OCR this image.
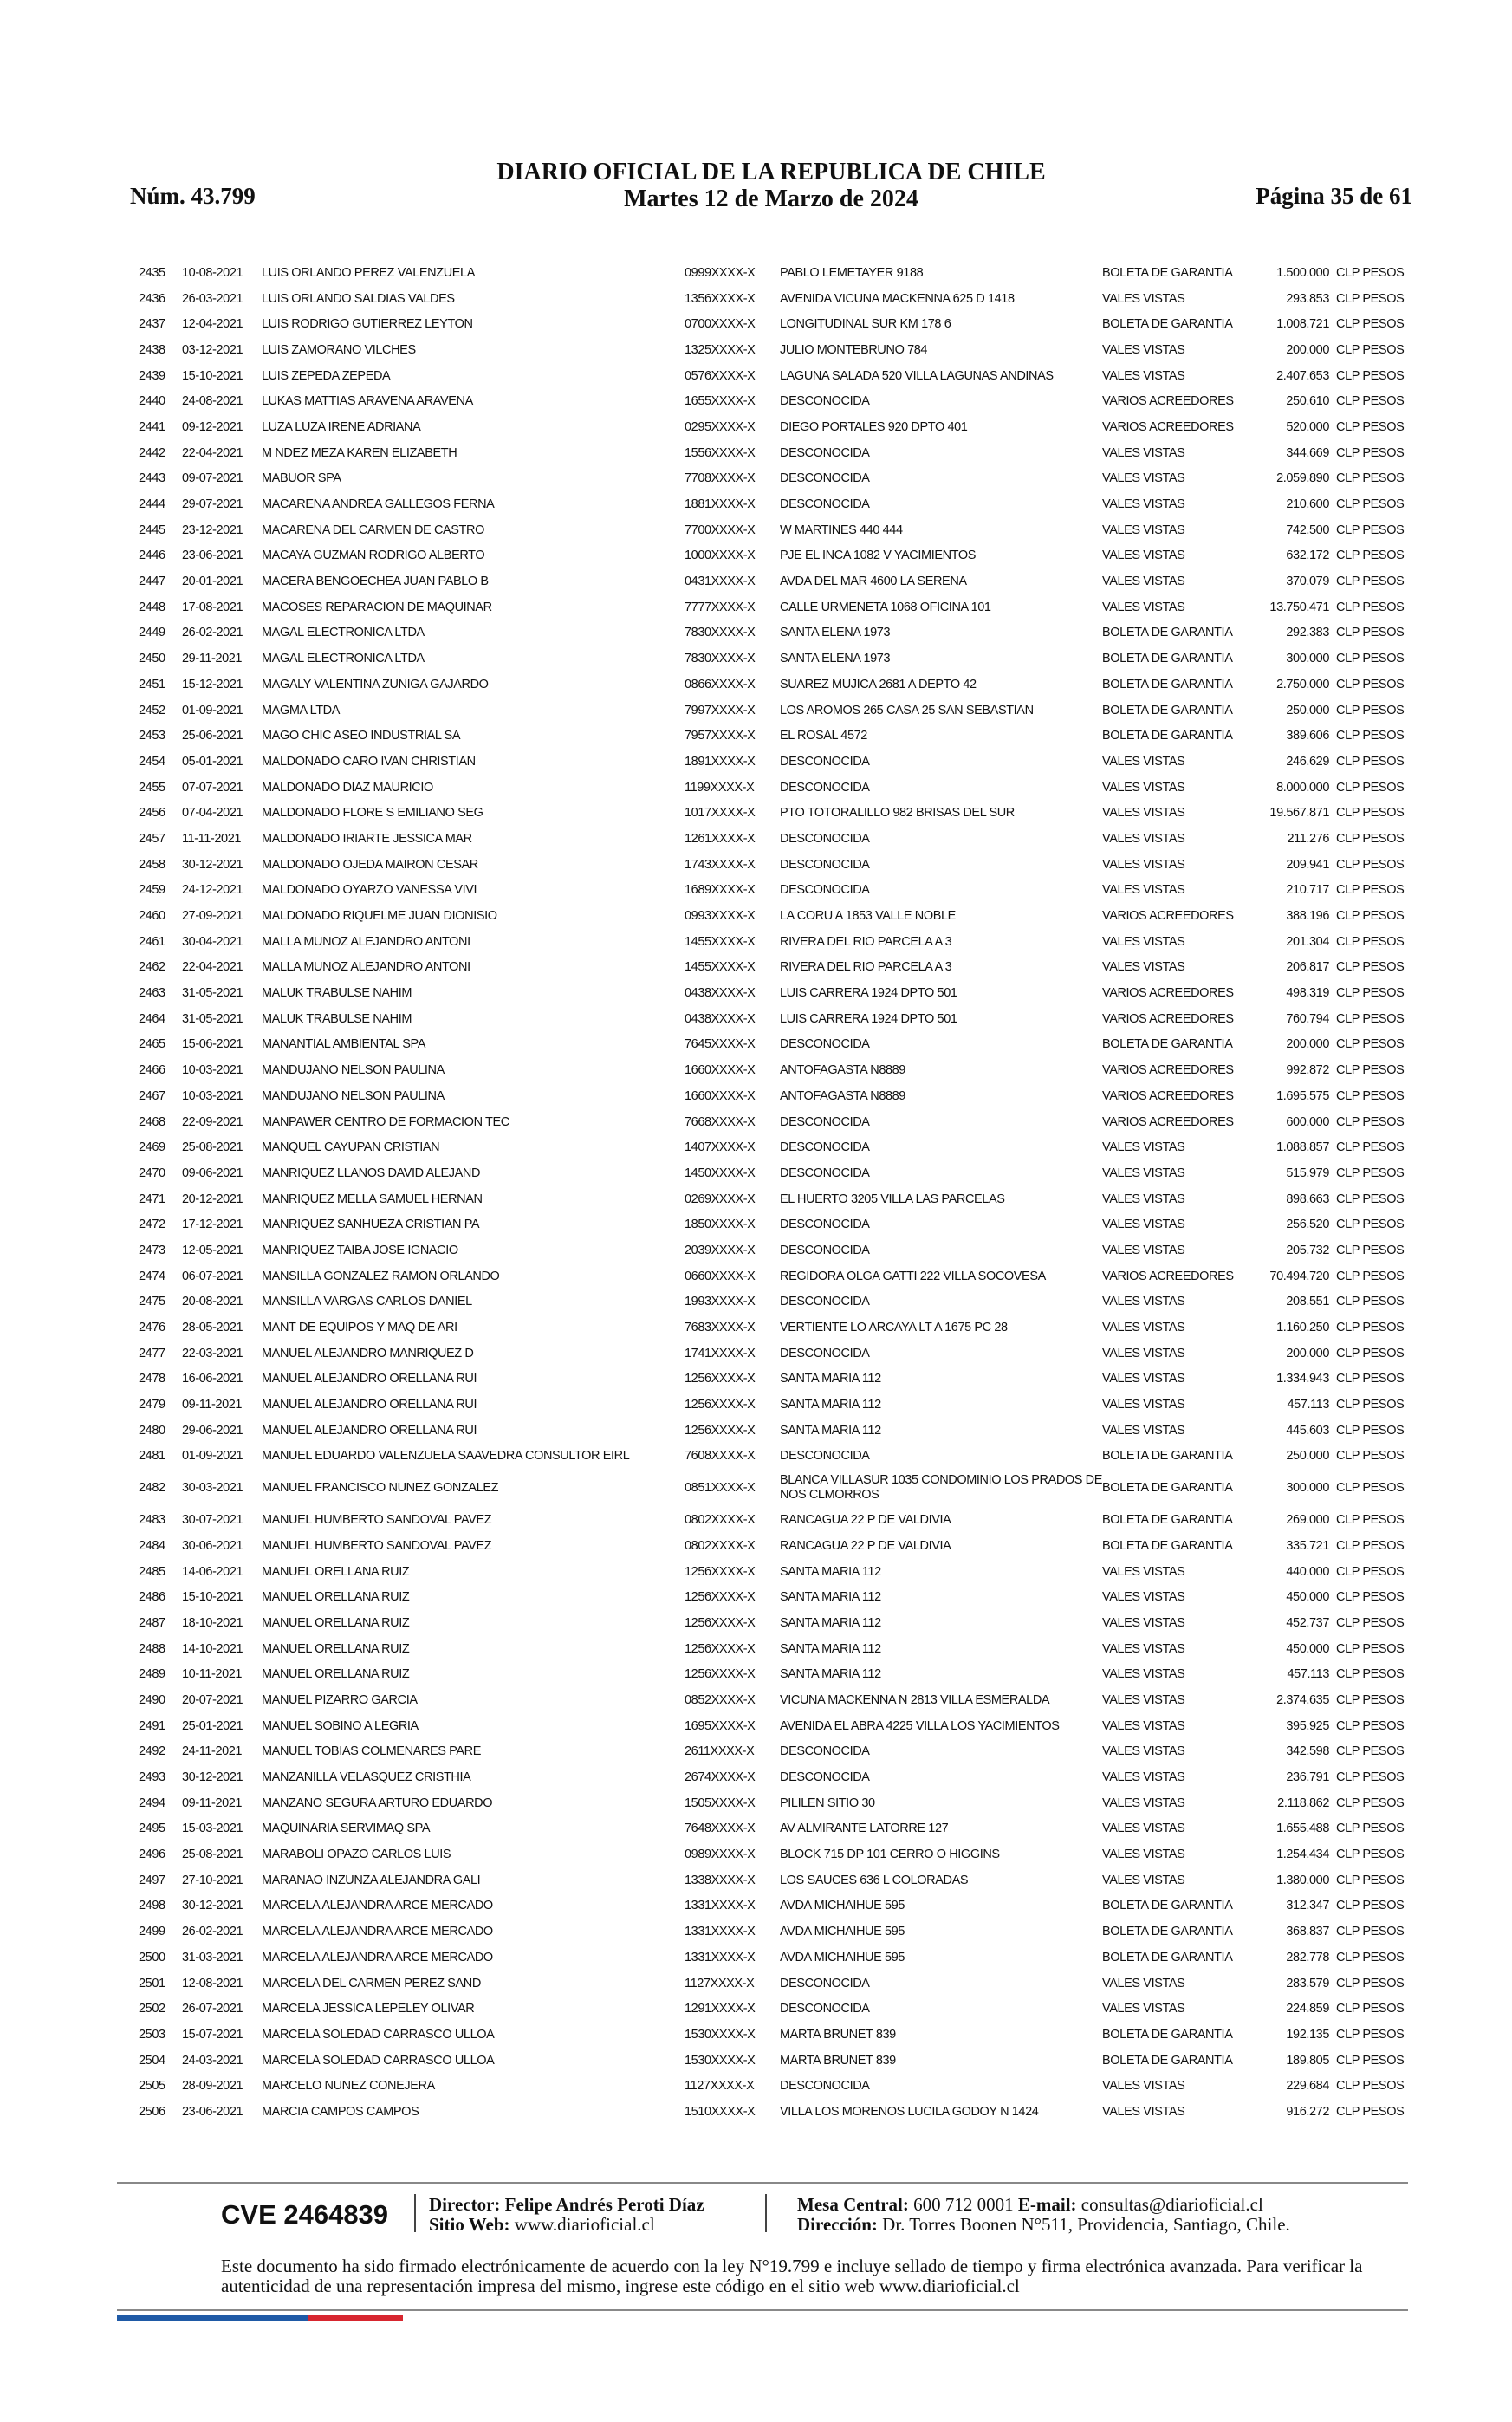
Núm. 43.799
DIARIO OFICIAL DE LA REPUBLICA DE CHILE
Martes 12 de Marzo de 2024	Página 35 de 61
2435	10-08-2021	LUIS ORLANDO PEREZ VALENZUELA	0999XXXX-X	PABLO LEMETAYER 9188	BOLETA DE GARANTIA	1.500.000	CLP PESOS
2436	26-03-2021	LUIS ORLANDO SALDIAS VALDES	1356XXXX-X	AVENIDA VICUNA MACKENNA 625 D 1418	VALES VISTAS	293.853	CLP PESOS
2437	12-04-2021	LUIS RODRIGO GUTIERREZ LEYTON	0700XXXX-X	LONGITUDINAL SUR KM 178 6	BOLETA DE GARANTIA	1.008.721	CLP PESOS
2438	03-12-2021	LUIS ZAMORANO VILCHES	1325XXXX-X	JULIO MONTEBRUNO 784	VALES VISTAS	200.000	CLP PESOS
2439	15-10-2021	LUIS ZEPEDA ZEPEDA	0576XXXX-X	LAGUNA SALADA 520 VILLA LAGUNAS ANDINAS	VALES VISTAS	2.407.653	CLP PESOS
2440	24-08-2021	LUKAS MATTIAS ARAVENA ARAVENA	1655XXXX-X	DESCONOCIDA	VARIOS ACREEDORES	250.610	CLP PESOS
2441	09-12-2021	LUZA LUZA IRENE ADRIANA	0295XXXX-X	DIEGO PORTALES 920 DPTO 401	VARIOS ACREEDORES	520.000	CLP PESOS
2442	22-04-2021	M NDEZ MEZA KAREN ELIZABETH	1556XXXX-X	DESCONOCIDA	VALES VISTAS	344.669	CLP PESOS
2443	09-07-2021	MABUOR SPA	7708XXXX-X	DESCONOCIDA	VALES VISTAS	2.059.890	CLP PESOS
2444	29-07-2021	MACARENA ANDREA GALLEGOS FERNA	1881XXXX-X	DESCONOCIDA	VALES VISTAS	210.600	CLP PESOS
2445	23-12-2021	MACARENA DEL CARMEN DE CASTRO	7700XXXX-X	W MARTINES 440 444	VALES VISTAS	742.500	CLP PESOS
2446	23-06-2021	MACAYA GUZMAN RODRIGO ALBERTO	1000XXXX-X	PJE EL INCA 1082 V YACIMIENTOS	VALES VISTAS	632.172	CLP PESOS
2447	20-01-2021	MACERA BENGOECHEA JUAN PABLO B	0431XXXX-X	AVDA DEL MAR 4600 LA SERENA	VALES VISTAS	370.079	CLP PESOS
2448	17-08-2021	MACOSES REPARACION DE MAQUINAR	7777XXXX-X	CALLE URMENETA 1068 OFICINA 101	VALES VISTAS	13.750.471	CLP PESOS
2449	26-02-2021	MAGAL ELECTRONICA LTDA	7830XXXX-X	SANTA ELENA 1973	BOLETA DE GARANTIA	292.383	CLP PESOS
2450	29-11-2021	MAGAL ELECTRONICA LTDA	7830XXXX-X	SANTA ELENA 1973	BOLETA DE GARANTIA	300.000	CLP PESOS
2451	15-12-2021	MAGALY VALENTINA ZUNIGA GAJARDO	0866XXXX-X	SUAREZ MUJICA 2681 A DEPTO 42	BOLETA DE GARANTIA	2.750.000	CLP PESOS
2452	01-09-2021	MAGMA LTDA	7997XXXX-X	LOS AROMOS 265 CASA 25 SAN SEBASTIAN	BOLETA DE GARANTIA	250.000	CLP PESOS
2453	25-06-2021	MAGO CHIC ASEO INDUSTRIAL SA	7957XXXX-X	EL ROSAL 4572	BOLETA DE GARANTIA	389.606	CLP PESOS
2454	05-01-2021	MALDONADO CARO IVAN CHRISTIAN	1891XXXX-X	DESCONOCIDA	VALES VISTAS	246.629	CLP PESOS
2455	07-07-2021	MALDONADO DIAZ MAURICIO	1199XXXX-X	DESCONOCIDA	VALES VISTAS	8.000.000	CLP PESOS
2456	07-04-2021	MALDONADO FLORE S EMILIANO SEG	1017XXXX-X	PTO TOTORALILLO 982 BRISAS DEL SUR	VALES VISTAS	19.567.871	CLP PESOS
2457	11-11-2021	MALDONADO IRIARTE JESSICA MAR	1261XXXX-X	DESCONOCIDA	VALES VISTAS	211.276	CLP PESOS
2458	30-12-2021	MALDONADO OJEDA MAIRON CESAR	1743XXXX-X	DESCONOCIDA	VALES VISTAS	209.941	CLP PESOS
2459	24-12-2021	MALDONADO OYARZO VANESSA VIVI	1689XXXX-X	DESCONOCIDA	VALES VISTAS	210.717	CLP PESOS
2460	27-09-2021	MALDONADO RIQUELME JUAN DIONISIO	0993XXXX-X	LA CORU A 1853 VALLE NOBLE	VARIOS ACREEDORES	388.196	CLP PESOS
2461	30-04-2021	MALLA MUNOZ ALEJANDRO ANTONI	1455XXXX-X	RIVERA DEL RIO PARCELA A 3	VALES VISTAS	201.304	CLP PESOS
2462	22-04-2021	MALLA MUNOZ ALEJANDRO ANTONI	1455XXXX-X	RIVERA DEL RIO PARCELA A 3	VALES VISTAS	206.817	CLP PESOS
2463	31-05-2021	MALUK TRABULSE NAHIM	0438XXXX-X	LUIS CARRERA 1924 DPTO 501	VARIOS ACREEDORES	498.319	CLP PESOS
2464	31-05-2021	MALUK TRABULSE NAHIM	0438XXXX-X	LUIS CARRERA 1924 DPTO 501	VARIOS ACREEDORES	760.794	CLP PESOS
2465	15-06-2021	MANANTIAL AMBIENTAL SPA	7645XXXX-X	DESCONOCIDA	BOLETA DE GARANTIA	200.000	CLP PESOS
2466	10-03-2021	MANDUJANO NELSON PAULINA	1660XXXX-X	ANTOFAGASTA N8889	VARIOS ACREEDORES	992.872	CLP PESOS
2467	10-03-2021	MANDUJANO NELSON PAULINA	1660XXXX-X	ANTOFAGASTA N8889	VARIOS ACREEDORES	1.695.575	CLP PESOS
2468	22-09-2021	MANPAWER CENTRO DE FORMACION TEC	7668XXXX-X	DESCONOCIDA	VARIOS ACREEDORES	600.000	CLP PESOS
2469	25-08-2021	MANQUEL CAYUPAN CRISTIAN	1407XXXX-X	DESCONOCIDA	VALES VISTAS	1.088.857	CLP PESOS
2470	09-06-2021	MANRIQUEZ LLANOS DAVID ALEJAND	1450XXXX-X	DESCONOCIDA	VALES VISTAS	515.979	CLP PESOS
2471	20-12-2021	MANRIQUEZ MELLA SAMUEL HERNAN	0269XXXX-X	EL HUERTO 3205 VILLA LAS PARCELAS	VALES VISTAS	898.663	CLP PESOS
2472	17-12-2021	MANRIQUEZ SANHUEZA CRISTIAN PA	1850XXXX-X	DESCONOCIDA	VALES VISTAS	256.520	CLP PESOS
2473	12-05-2021	MANRIQUEZ TAIBA JOSE IGNACIO	2039XXXX-X	DESCONOCIDA	VALES VISTAS	205.732	CLP PESOS
2474	06-07-2021	MANSILLA GONZALEZ RAMON ORLANDO	0660XXXX-X	REGIDORA OLGA GATTI 222 VILLA SOCOVESA	VARIOS ACREEDORES	70.494.720	CLP PESOS
2475	20-08-2021	MANSILLA VARGAS CARLOS DANIEL	1993XXXX-X	DESCONOCIDA	VALES VISTAS	208.551	CLP PESOS
2476	28-05-2021	MANT DE EQUIPOS Y MAQ DE ARI	7683XXXX-X	VERTIENTE LO ARCAYA LT A 1675 PC 28	VALES VISTAS	1.160.250	CLP PESOS
2477	22-03-2021	MANUEL ALEJANDRO MANRIQUEZ D	1741XXXX-X	DESCONOCIDA	VALES VISTAS	200.000	CLP PESOS
2478	16-06-2021	MANUEL ALEJANDRO ORELLANA RUI	1256XXXX-X	SANTA MARIA 112	VALES VISTAS	1.334.943	CLP PESOS
2479	09-11-2021	MANUEL ALEJANDRO ORELLANA RUI	1256XXXX-X	SANTA MARIA 112	VALES VISTAS	457.113	CLP PESOS
2480	29-06-2021	MANUEL ALEJANDRO ORELLANA RUI	1256XXXX-X	SANTA MARIA 112	VALES VISTAS	445.603	CLP PESOS
2481	01-09-2021	MANUEL EDUARDO VALENZUELA SAAVEDRA CONSULTOR EIRL	7608XXXX-X	DESCONOCIDA	BOLETA DE GARANTIA	250.000	CLP PESOS
2482	30-03-2021	MANUEL FRANCISCO NUNEZ GONZALEZ	0851XXXX-X	BLANCA VILLASUR 1035 CONDOMINIO LOS PRADOS DE NOS CLMORROS	BOLETA DE GARANTIA	300.000	CLP PESOS
2483	30-07-2021	MANUEL HUMBERTO SANDOVAL PAVEZ	0802XXXX-X	RANCAGUA 22 P DE VALDIVIA	BOLETA DE GARANTIA	269.000	CLP PESOS
2484	30-06-2021	MANUEL HUMBERTO SANDOVAL PAVEZ	0802XXXX-X	RANCAGUA 22 P DE VALDIVIA	BOLETA DE GARANTIA	335.721	CLP PESOS
2485	14-06-2021	MANUEL ORELLANA RUIZ	1256XXXX-X	SANTA MARIA 112	VALES VISTAS	440.000	CLP PESOS
2486	15-10-2021	MANUEL ORELLANA RUIZ	1256XXXX-X	SANTA MARIA 112	VALES VISTAS	450.000	CLP PESOS
2487	18-10-2021	MANUEL ORELLANA RUIZ	1256XXXX-X	SANTA MARIA 112	VALES VISTAS	452.737	CLP PESOS
2488	14-10-2021	MANUEL ORELLANA RUIZ	1256XXXX-X	SANTA MARIA 112	VALES VISTAS	450.000	CLP PESOS
2489	10-11-2021	MANUEL ORELLANA RUIZ	1256XXXX-X	SANTA MARIA 112	VALES VISTAS	457.113	CLP PESOS
2490	20-07-2021	MANUEL PIZARRO GARCIA	0852XXXX-X	VICUNA MACKENNA N 2813 VILLA ESMERALDA	VALES VISTAS	2.374.635	CLP PESOS
2491	25-01-2021	MANUEL SOBINO A LEGRIA	1695XXXX-X	AVENIDA EL ABRA 4225 VILLA LOS YACIMIENTOS	VALES VISTAS	395.925	CLP PESOS
2492	24-11-2021	MANUEL TOBIAS COLMENARES PARE	2611XXXX-X	DESCONOCIDA	VALES VISTAS	342.598	CLP PESOS
2493	30-12-2021	MANZANILLA VELASQUEZ CRISTHIA	2674XXXX-X	DESCONOCIDA	VALES VISTAS	236.791	CLP PESOS
2494	09-11-2021	MANZANO SEGURA ARTURO EDUARDO	1505XXXX-X	PILILEN SITIO 30	VALES VISTAS	2.118.862	CLP PESOS
2495	15-03-2021	MAQUINARIA SERVIMAQ SPA	7648XXXX-X	AV ALMIRANTE LATORRE 127	VALES VISTAS	1.655.488	CLP PESOS
2496	25-08-2021	MARABOLI OPAZO CARLOS LUIS	0989XXXX-X	BLOCK 715 DP 101 CERRO O HIGGINS	VALES VISTAS	1.254.434	CLP PESOS
2497	27-10-2021	MARANAO INZUNZA ALEJANDRA GALI	1338XXXX-X	LOS SAUCES 636 L COLORADAS	VALES VISTAS	1.380.000	CLP PESOS
2498	30-12-2021	MARCELA ALEJANDRA ARCE MERCADO	1331XXXX-X	AVDA MICHAIHUE 595	BOLETA DE GARANTIA	312.347	CLP PESOS
2499	26-02-2021	MARCELA ALEJANDRA ARCE MERCADO	1331XXXX-X	AVDA MICHAIHUE 595	BOLETA DE GARANTIA	368.837	CLP PESOS
2500	31-03-2021	MARCELA ALEJANDRA ARCE MERCADO	1331XXXX-X	AVDA MICHAIHUE 595	BOLETA DE GARANTIA	282.778	CLP PESOS
2501	12-08-2021	MARCELA DEL CARMEN PEREZ SAND	1127XXXX-X	DESCONOCIDA	VALES VISTAS	283.579	CLP PESOS
2502	26-07-2021	MARCELA JESSICA LEPELEY OLIVAR	1291XXXX-X	DESCONOCIDA	VALES VISTAS	224.859	CLP PESOS
2503	15-07-2021	MARCELA SOLEDAD CARRASCO ULLOA	1530XXXX-X	MARTA BRUNET 839	BOLETA DE GARANTIA	192.135	CLP PESOS
2504	24-03-2021	MARCELA SOLEDAD CARRASCO ULLOA	1530XXXX-X	MARTA BRUNET 839	BOLETA DE GARANTIA	189.805	CLP PESOS
2505	28-09-2021	MARCELO NUNEZ CONEJERA	1127XXXX-X	DESCONOCIDA	VALES VISTAS	229.684	CLP PESOS
2506	23-06-2021	MARCIA CAMPOS CAMPOS	1510XXXX-X	VILLA LOS MORENOS LUCILA GODOY N 1424	VALES VISTAS	916.272	CLP PESOS
CVE 2464839 Director: Felipe Andrés Peroti Díaz
Sitio Web: www.diarioficial.cl
Mesa Central: 600 712 0001 E-mail: consultas@diarioficial.cl
Dirección: Dr. Torres Boonen N°511, Providencia, Santiago, Chile.
Este documento ha sido firmado electrónicamente de acuerdo con la ley N°19.799 e incluye sellado de tiempo y firma electrónica avanzada. Para verificar la autenticidad de una representación impresa del mismo, ingrese este código en el sitio web www.diarioficial.cl
